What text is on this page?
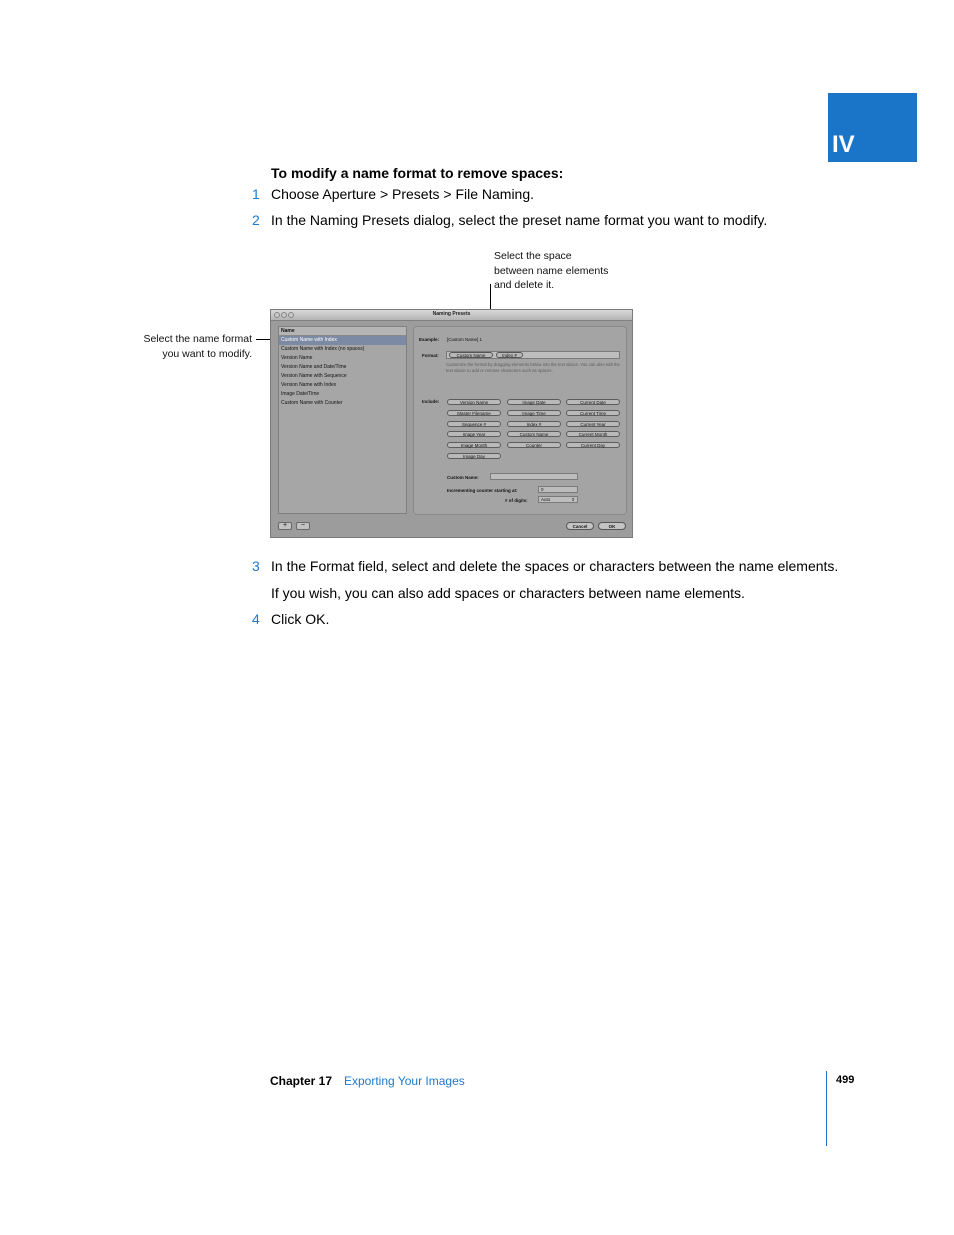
IV
To modify a name format to remove spaces:
1 Choose Aperture > Presets > File Naming.
2 In the Naming Presets dialog, select the preset name format you want to modify.
Select the space
between name elements
and delete it.
Select the name format
you want to modify.
Naming Presets
Name
Custom Name with Index
Custom Name with Index (no spaces)
Version Name
Version Name and Date/Time
Version Name with Sequence
Version Name with Index
Image Date/Time
Custom Name with Counter
Example: [Custom Name] 1
Format:	Custom Name	Index #
Customize the format by dragging elements below into the text above. You can also edit the text above to add or remove characters such as spaces.
Include:	Version Name	Image Date	Current Date
Master Filename	Image Time	Current Time
Sequence #	Index #	Current Year
Image Year	Custom Name	Current Month
Image Month	Counter	Current Day
Image Day
Custom Name:
Incrementing counter starting at:	0
# of digits:	Auto	⇕
+	−	Cancel	OK
3 In the Format field, select and delete the spaces or characters between the name elements.
If you wish, you can also add spaces or characters between name elements.
4 Click OK.
Chapter 17 Exporting Your Images	499
